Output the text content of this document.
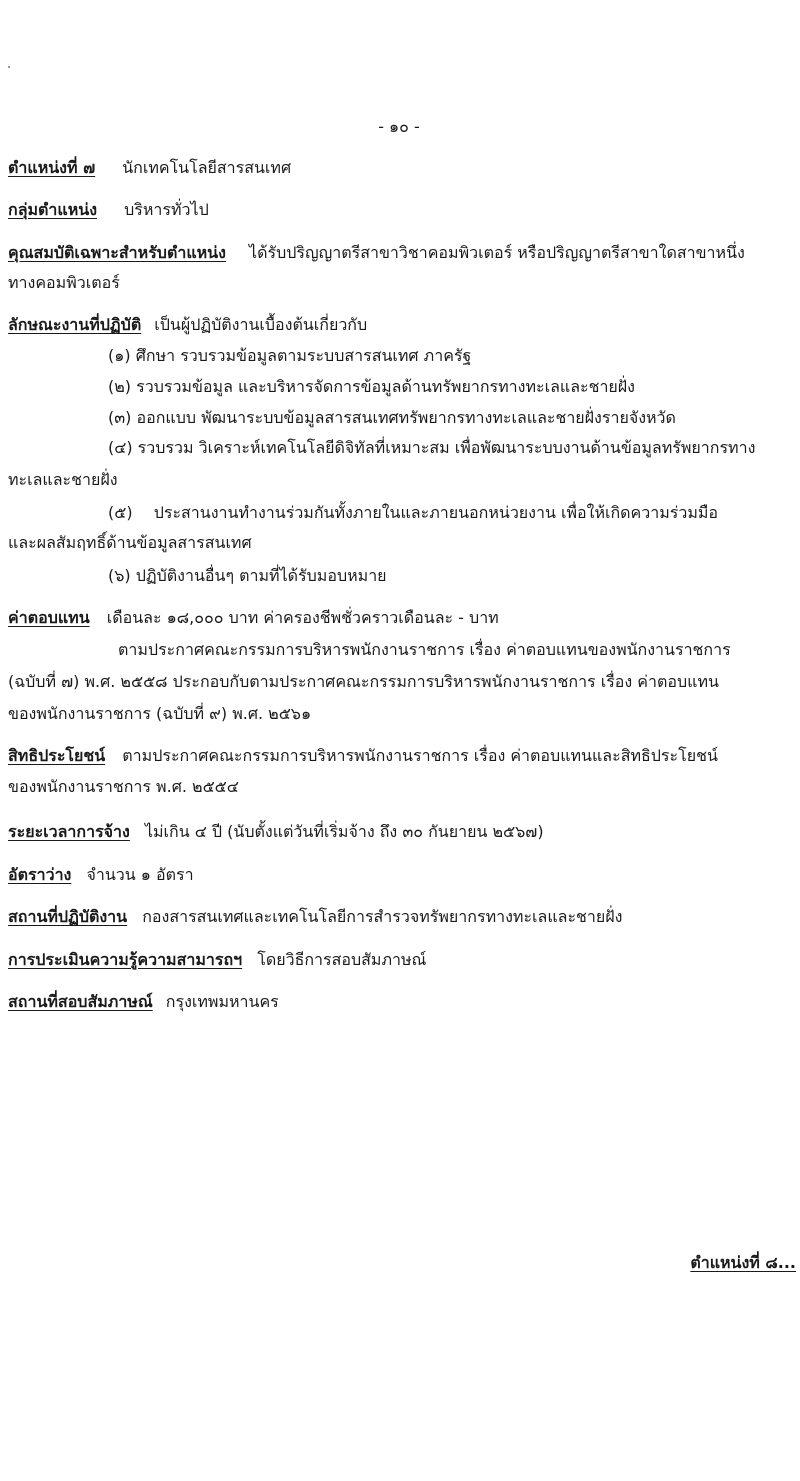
- ๑๐ -
ตำแหน่งที่ ๗ นักเทคโนโลยีสารสนเทศ
กลุ่มตำแหน่ง บริหารทั่วไป
คุณสมบัติเฉพาะสำหรับตำแหน่ง ได้รับปริญญาตรีสาขาวิชาคอมพิวเตอร์ หรือปริญญาตรีสาขาใดสาขาหนึ่ง
ทางคอมพิวเตอร์
ลักษณะงานที่ปฏิบัติ เป็นผู้ปฏิบัติงานเบื้องต้นเกี่ยวกับ
(๑) ศึกษา รวบรวมข้อมูลตามระบบสารสนเทศ ภาครัฐ
(๒) รวบรวมข้อมูล และบริหารจัดการข้อมูลด้านทรัพยากรทางทะเลและชายฝั่ง
(๓) ออกแบบ พัฒนาระบบข้อมูลสารสนเทศทรัพยากรทางทะเลและชายฝั่งรายจังหวัด
(๔) รวบรวม วิเคราะห์เทคโนโลยีดิจิทัลที่เหมาะสม เพื่อพัฒนาระบบงานด้านข้อมูลทรัพยากรทาง
ทะเลและชายฝั่ง
(๕) ประสานงานทำงานร่วมกันทั้งภายในและภายนอกหน่วยงาน เพื่อให้เกิดความร่วมมือ
และผลสัมฤทธิ์ด้านข้อมูลสารสนเทศ
(๖) ปฏิบัติงานอื่นๆ ตามที่ได้รับมอบหมาย
ค่าตอบแทน เดือนละ ๑๘,๐๐๐ บาท ค่าครองชีพชั่วคราวเดือนละ - บาท
ตามประกาศคณะกรรมการบริหารพนักงานราชการ เรื่อง ค่าตอบแทนของพนักงานราชการ
(ฉบับที่ ๗) พ.ศ. ๒๕๕๘ ประกอบกับตามประกาศคณะกรรมการบริหารพนักงานราชการ เรื่อง ค่าตอบแทน
ของพนักงานราชการ (ฉบับที่ ๙) พ.ศ. ๒๕๖๑
สิทธิประโยชน์ ตามประกาศคณะกรรมการบริหารพนักงานราชการ เรื่อง ค่าตอบแทนและสิทธิประโยชน์
ของพนักงานราชการ พ.ศ. ๒๕๕๔
ระยะเวลาการจ้าง ไม่เกิน ๔ ปี (นับตั้งแต่วันที่เริ่มจ้าง ถึง ๓๐ กันยายน ๒๕๖๗)
อัตราว่าง จำนวน ๑ อัตรา
สถานที่ปฏิบัติงาน กองสารสนเทศและเทคโนโลยีการสำรวจทรัพยากรทางทะเลและชายฝั่ง
การประเมินความรู้ความสามารถฯ โดยวิธีการสอบสัมภาษณ์
สถานที่สอบสัมภาษณ์ กรุงเทพมหานคร
ตำแหน่งที่ ๘...
